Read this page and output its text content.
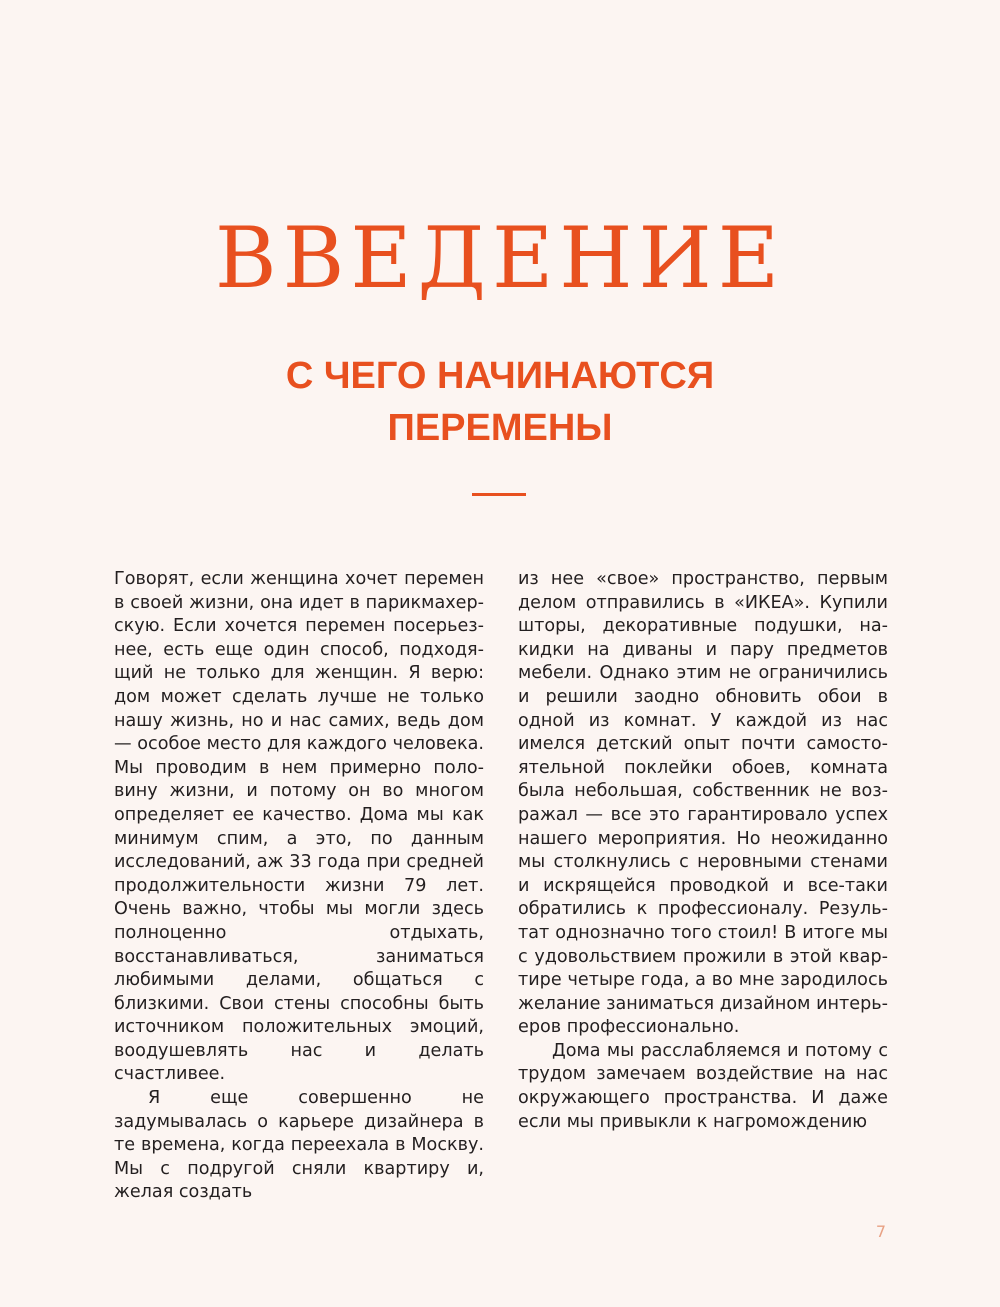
ВВЕДЕНИЕ
С ЧЕГО НАЧИНАЮТСЯ
ПЕРЕМЕНЫ

Говорят, если женщина хочет перемен в своей жизни, она идет в парикмахерскую. Если хочется перемен посерьезнее, есть еще один способ, подходящий не только для женщин. Я верю: дом может сделать лучше не только нашу жизнь, но и нас самих, ведь дом — особое место для каждого человека. Мы проводим в нем примерно половину жизни, и потому он во многом определяет ее качество. Дома мы как минимум спим, а это, по данным исследований, аж 33 года при средней продолжительности жизни 79 лет. Очень важно, чтобы мы могли здесь полноценно отдыхать, восстанавливаться, заниматься любимыми делами, общаться с близкими. Свои стены способны быть источником положительных эмоций, воодушевлять нас и делать счастливее.

Я еще совершенно не задумывалась о карьере дизайнера в те времена, когда переехала в Москву. Мы с подругой сняли квартиру и, желая создать

из нее «свое» пространство, первым делом отправились в «ИКЕА». Купили шторы, декоративные подушки, накидки на диваны и пару предметов мебели. Однако этим не ограничились и решили заодно обновить обои в одной из комнат. У каждой из нас имелся детский опыт почти самостоятельной поклейки обоев, комната была небольшая, собственник не возражал — все это гарантировало успех нашего мероприятия. Но неожиданно мы столкнулись с неровными стенами и искрящейся проводкой и все-таки обратились к профессионалу. Результат однозначно того стоил! В итоге мы с удовольствием прожили в этой квартире четыре года, а во мне зародилось желание заниматься дизайном интерьеров профессионально.

Дома мы расслабляемся и потому с трудом замечаем воздействие на нас окружающего пространства. И даже если мы привыкли к нагромождению

7
